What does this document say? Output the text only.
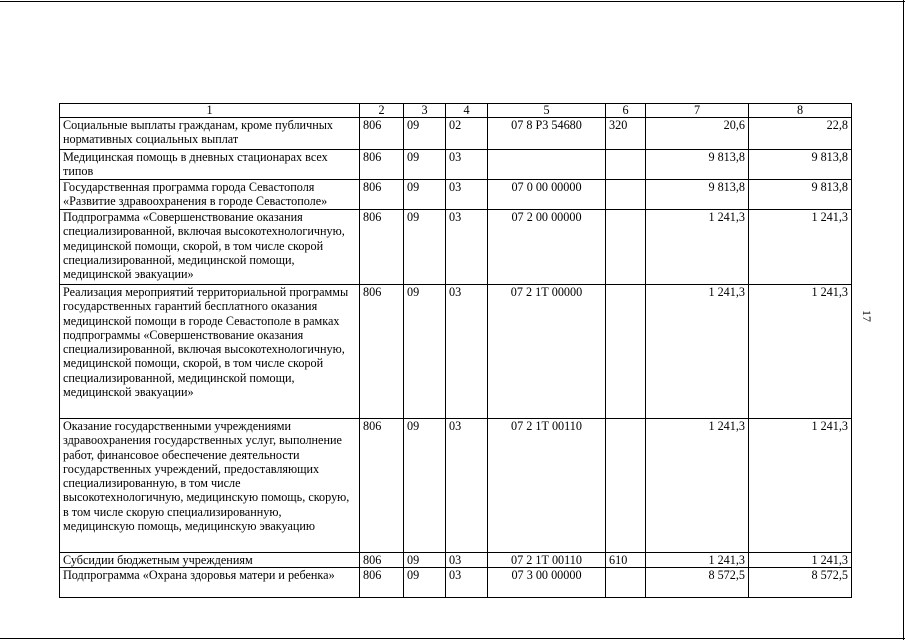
1	2	3	4	5	6	7	8
Социальные выплаты гражданам, кроме публичных нормативных социальных выплат	806	09	02	07 8 Р3 54680	320	20,6	22,8
Медицинская помощь в дневных стационарах всех типов	806	09	03			9 813,8	9 813,8
Государственная программа города Севастополя «Развитие здравоохранения в городе Севастополе»	806	09	03	07 0 00 00000		9 813,8	9 813,8
Подпрограмма «Совершенствование оказания специализированной, включая высокотехнологичную, медицинской помощи, скорой, в том числе скорой специализированной, медицинской помощи, медицинской эвакуации»	806	09	03	07 2 00 00000		1 241,3	1 241,3
Реализация мероприятий территориальной программы государственных гарантий бесплатного оказания медицинской помощи в городе Севастополе в рамках подпрограммы «Совершенствование оказания специализированной, включая высокотехнологичную, медицинской помощи, скорой, в том числе скорой специализированной, медицинской помощи, медицинской эвакуации»	806	09	03	07 2 1Т 00000		1 241,3	1 241,3
Оказание государственными учреждениями здравоохранения государственных услуг, выполнение работ, финансовое обеспечение деятельности государственных учреждений, предоставляющих специализированную, в том числе высокотехнологичную, медицинскую помощь, скорую, в том числе скорую специализированную, медицинскую помощь, медицинскую эвакуацию	806	09	03	07 2 1Т 00110		1 241,3	1 241,3
Субсидии бюджетным учреждениям	806	09	03	07 2 1Т 00110	610	1 241,3	1 241,3
Подпрограмма «Охрана здоровья матери и ребенка»	806	09	03	07 3 00 00000		8 572,5	8 572,5
17
